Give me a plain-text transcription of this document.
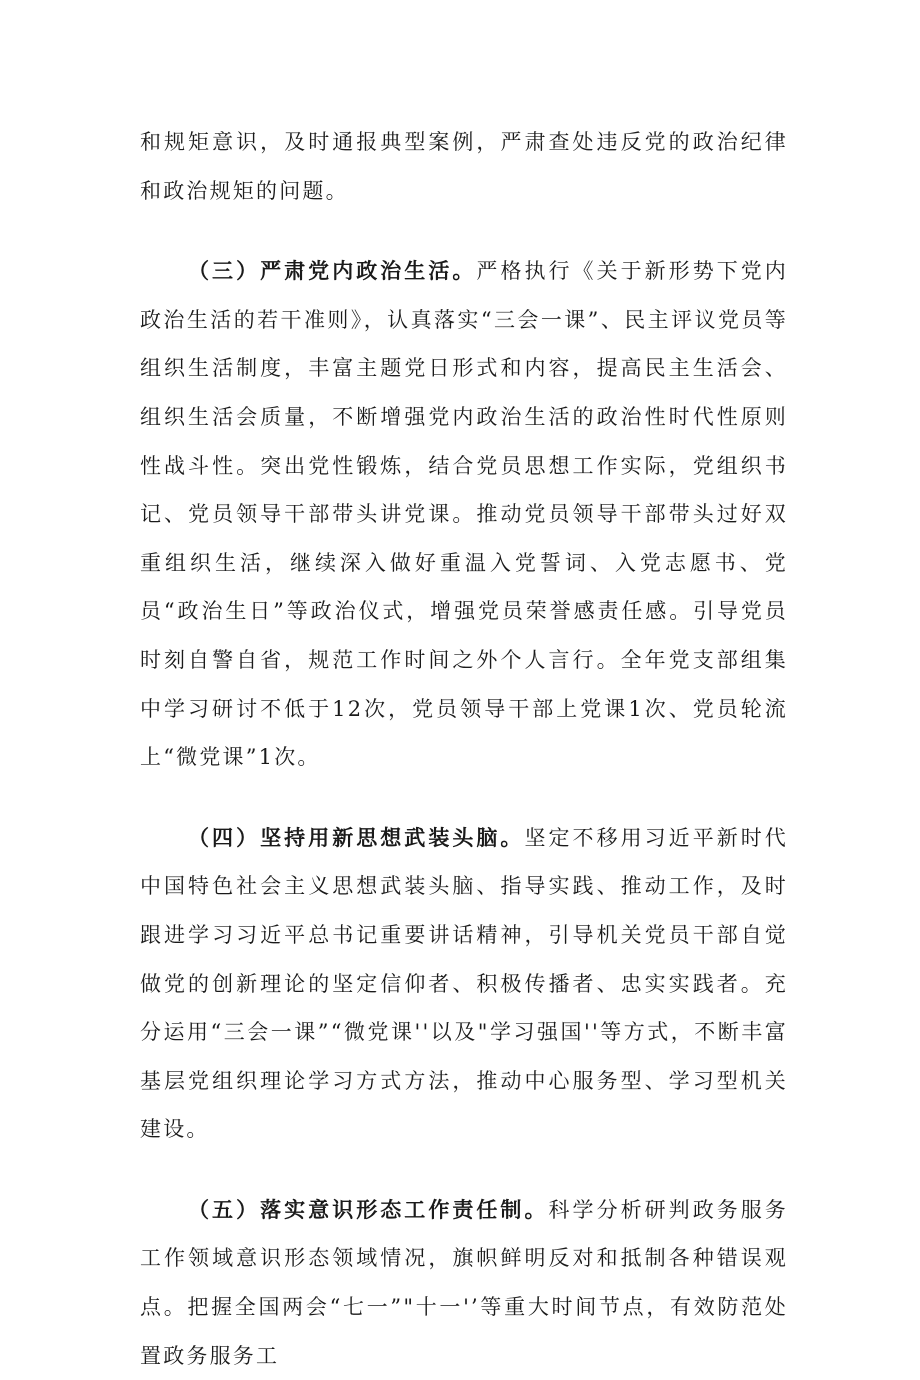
和规矩意识，及时通报典型案例，严肃查处违反党的政治纪律和政治规矩的问题。

（三）严肃党内政治生活。严格执行《关于新形势下党内政治生活的若干准则》，认真落实“三会一课”、民主评议党员等组织生活制度，丰富主题党日形式和内容，提高民主生活会、组织生活会质量，不断增强党内政治生活的政治性时代性原则性战斗性。突出党性锻炼，结合党员思想工作实际，党组织书记、党员领导干部带头讲党课。推动党员领导干部带头过好双重组织生活，继续深入做好重温入党誓词、入党志愿书、党员“政治生日”等政治仪式，增强党员荣誉感责任感。引导党员时刻自警自省，规范工作时间之外个人言行。全年党支部组集中学习研讨不低于12次，党员领导干部上党课1次、党员轮流上“微党课”1次。

（四）坚持用新思想武装头脑。坚定不移用习近平新时代中国特色社会主义思想武装头脑、指导实践、推动工作，及时跟进学习习近平总书记重要讲话精神，引导机关党员干部自觉做党的创新理论的坚定信仰者、积极传播者、忠实实践者。充分运用“三会一课”“微党课''以及"学习强国''等方式，不断丰富基层党组织理论学习方式方法，推动中心服务型、学习型机关建设。

（五）落实意识形态工作责任制。科学分析研判政务服务工作领域意识形态领域情况，旗帜鲜明反对和抵制各种错误观点。把握全国两会“七一”"十一'’等重大时间节点，有效防范处置政务服务工
